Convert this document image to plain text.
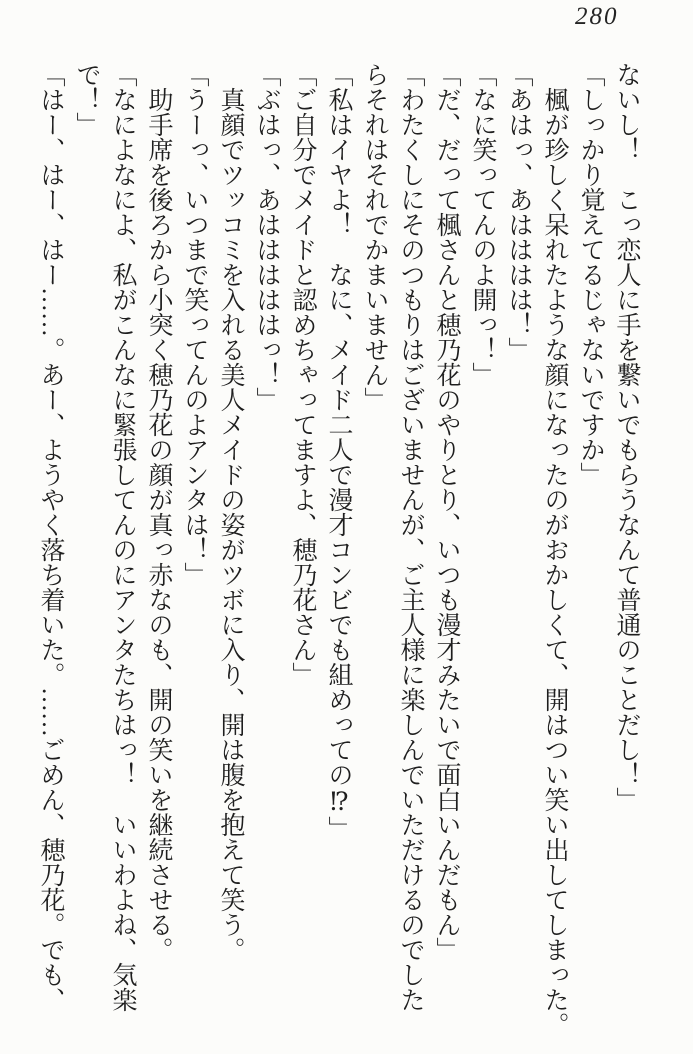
280

ないし！　こっ恋人に手を繋いでもらうなんて普通のことだし！」

「しっかり覚えてるじゃないですか」

楓が珍しく呆れたような顔になったのがおかしくて、開はつい笑い出してしまった。

「あはっ、あはははは！」

「なに笑ってんのよ開っ！」

「だ、だって楓さんと穂乃花のやりとり、いつも漫才みたいで面白いんだもん」

「わたくしにそのつもりはございませんが、ご主人様に楽しんでいただけるのでした

らそれはそれでかまいません」

「私はイヤよ！　なに、メイド二人で漫才コンビでも組めっての⁉」

「ご自分でメイドと認めちゃってますよ、穂乃花さん」

「ぶはっ、あはははははっ！」

真顔でツッコミを入れる美人メイドの姿がツボに入り、開は腹を抱えて笑う。

「うーっ、いつまで笑ってんのよアンタは！」

助手席を後ろから小突く穂乃花の顔が真っ赤なのも、開の笑いを継続させる。

「なによなによ、私がこんなに緊張してんのにアンタたちはっ！　いいわよね、気楽

で！」

「はー、はー、はー……。あー、ようやく落ち着いた。……ごめん、穂乃花。でも、
